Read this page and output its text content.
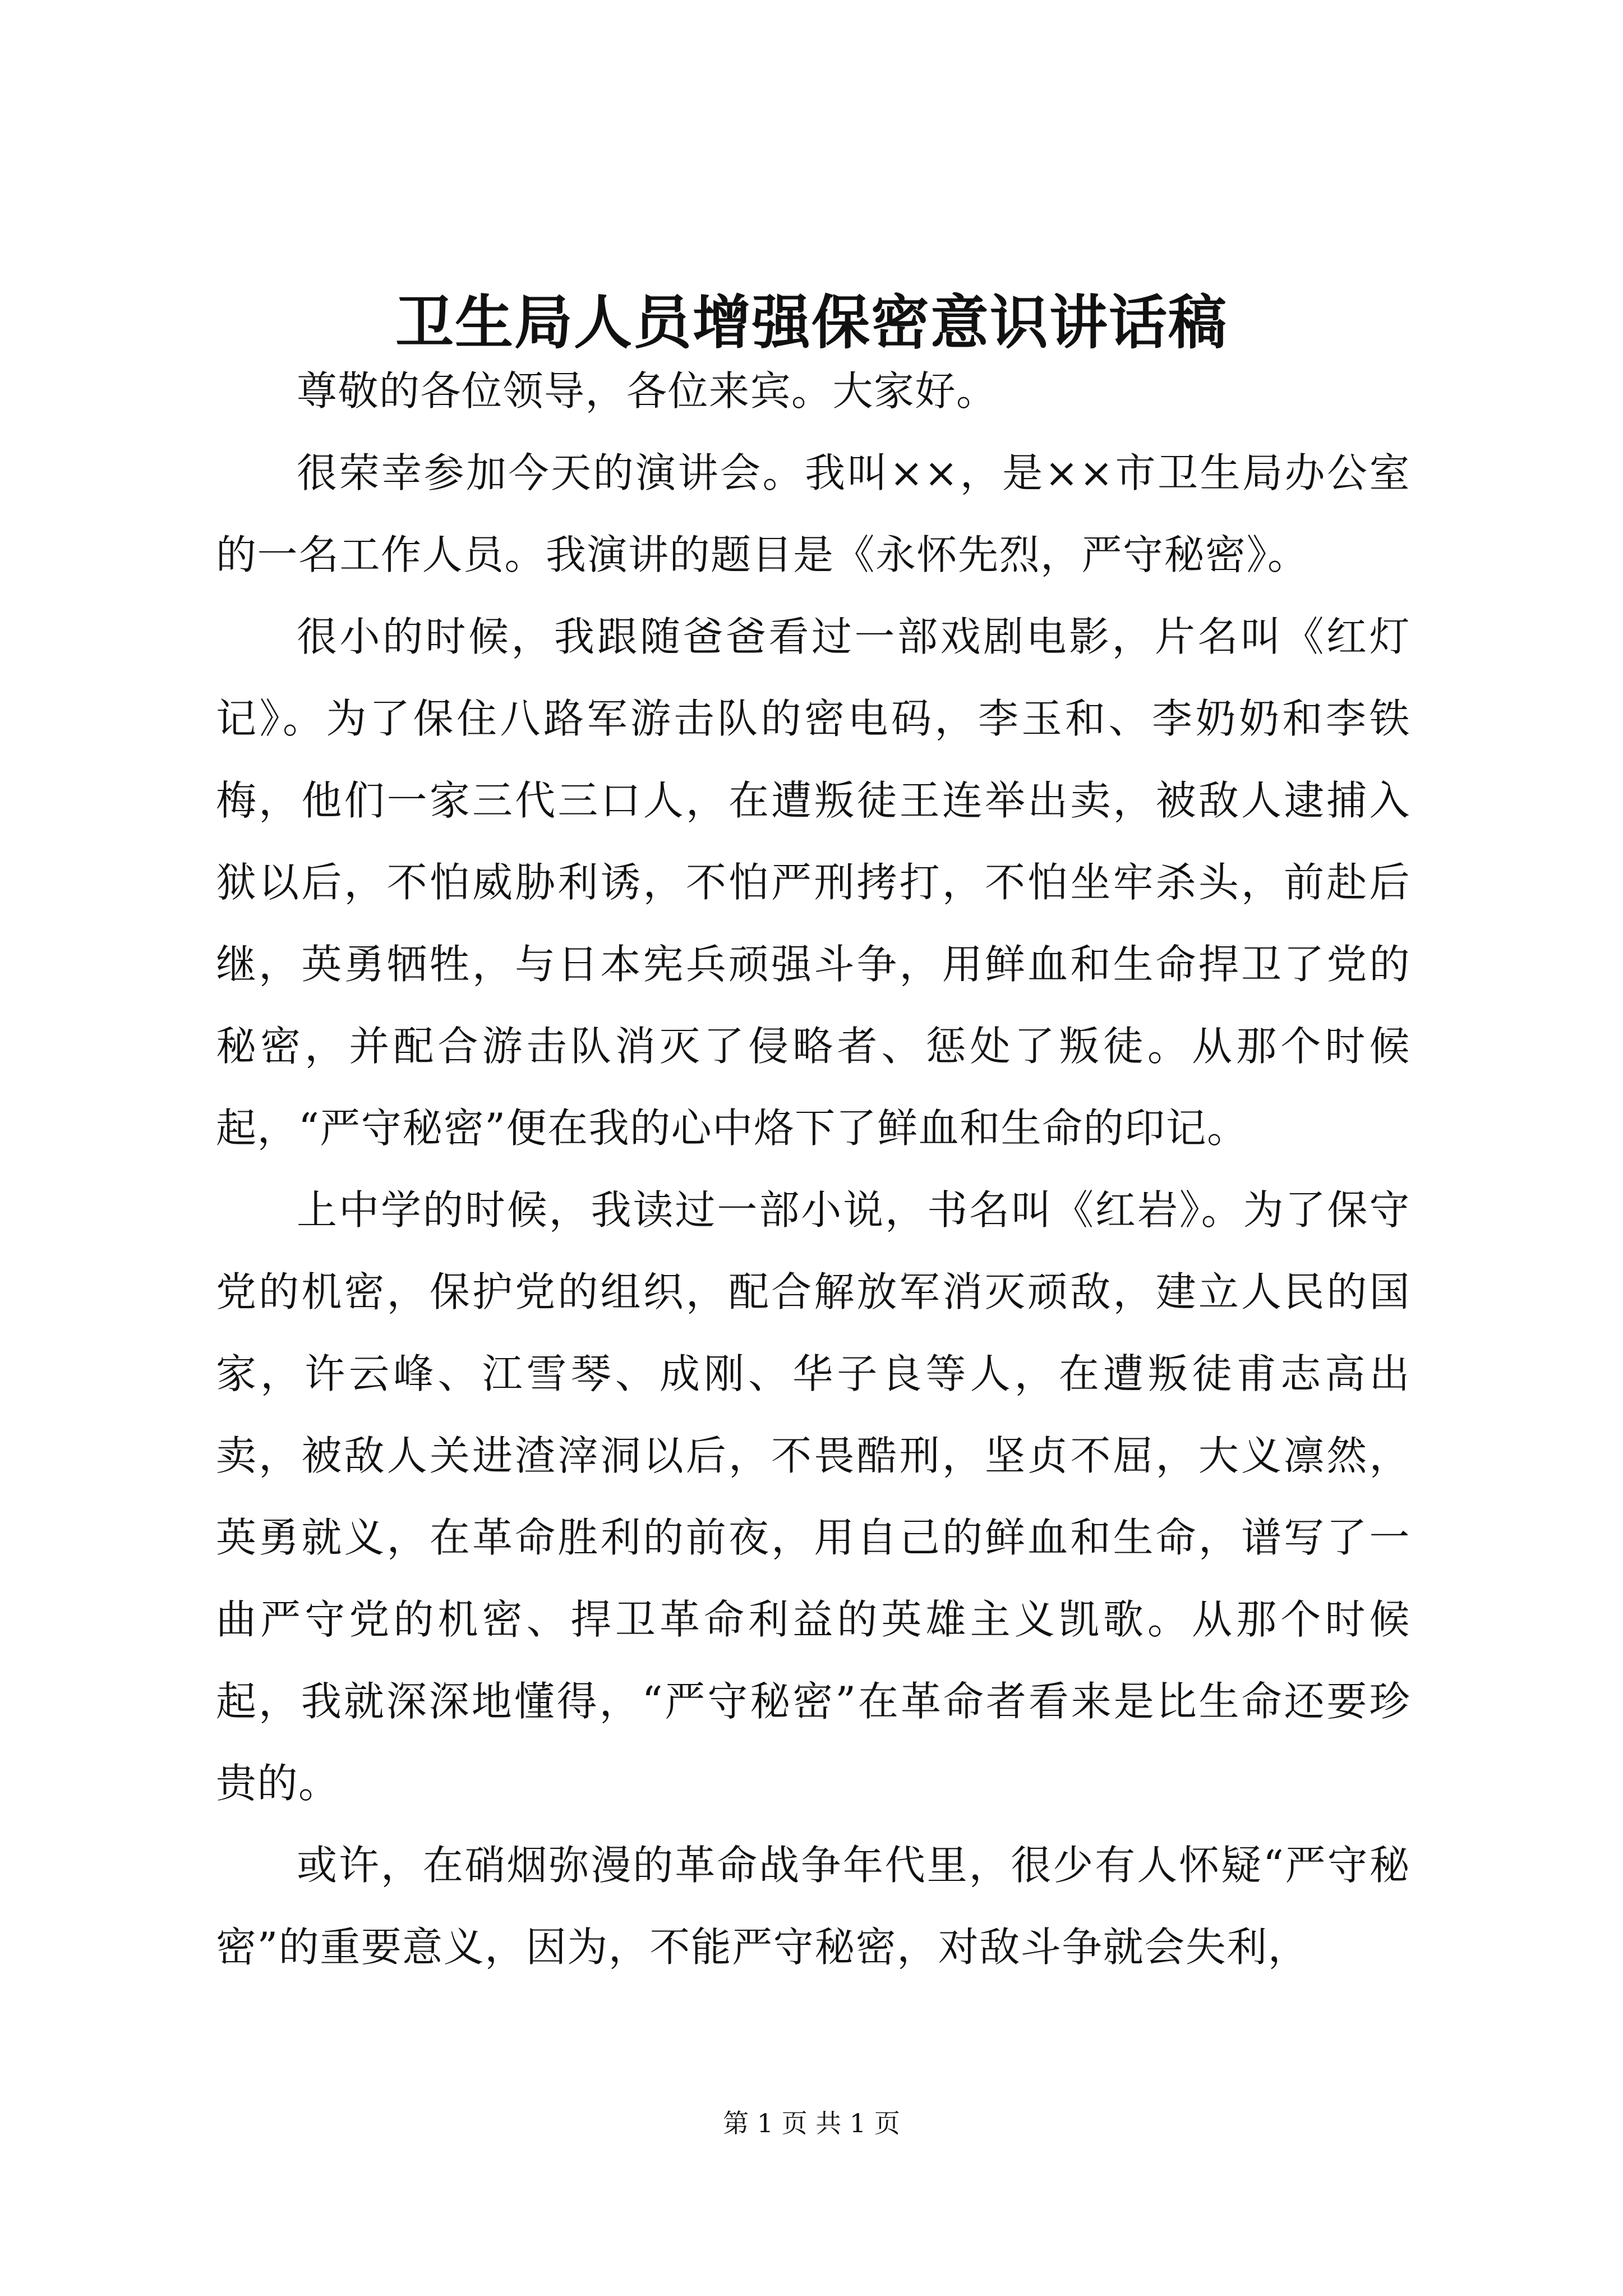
卫生局人员增强保密意识讲话稿

尊敬的各位领导，各位来宾。大家好。

很荣幸参加今天的演讲会。我叫××，是××市卫生局办公室的一名工作人员。我演讲的题目是《永怀先烈，严守秘密》。

很小的时候，我跟随爸爸看过一部戏剧电影，片名叫《红灯记》。为了保住八路军游击队的密电码，李玉和、李奶奶和李铁梅，他们一家三代三口人，在遭叛徒王连举出卖，被敌人逮捕入狱以后，不怕威胁利诱，不怕严刑拷打，不怕坐牢杀头，前赴后继，英勇牺牲，与日本宪兵顽强斗争，用鲜血和生命捍卫了党的秘密，并配合游击队消灭了侵略者、惩处了叛徒。从那个时候起，“严守秘密”便在我的心中烙下了鲜血和生命的印记。

上中学的时候，我读过一部小说，书名叫《红岩》。为了保守党的机密，保护党的组织，配合解放军消灭顽敌，建立人民的国家，许云峰、江雪琴、成刚、华子良等人，在遭叛徒甫志高出卖，被敌人关进渣滓洞以后，不畏酷刑，坚贞不屈，大义凛然，英勇就义，在革命胜利的前夜，用自己的鲜血和生命，谱写了一曲严守党的机密、捍卫革命利益的英雄主义凯歌。从那个时候起，我就深深地懂得，“严守秘密”在革命者看来是比生命还要珍贵的。

或许，在硝烟弥漫的革命战争年代里，很少有人怀疑“严守秘密”的重要意义，因为，不能严守秘密，对敌斗争就会失利，

第 1 页 共 1 页
